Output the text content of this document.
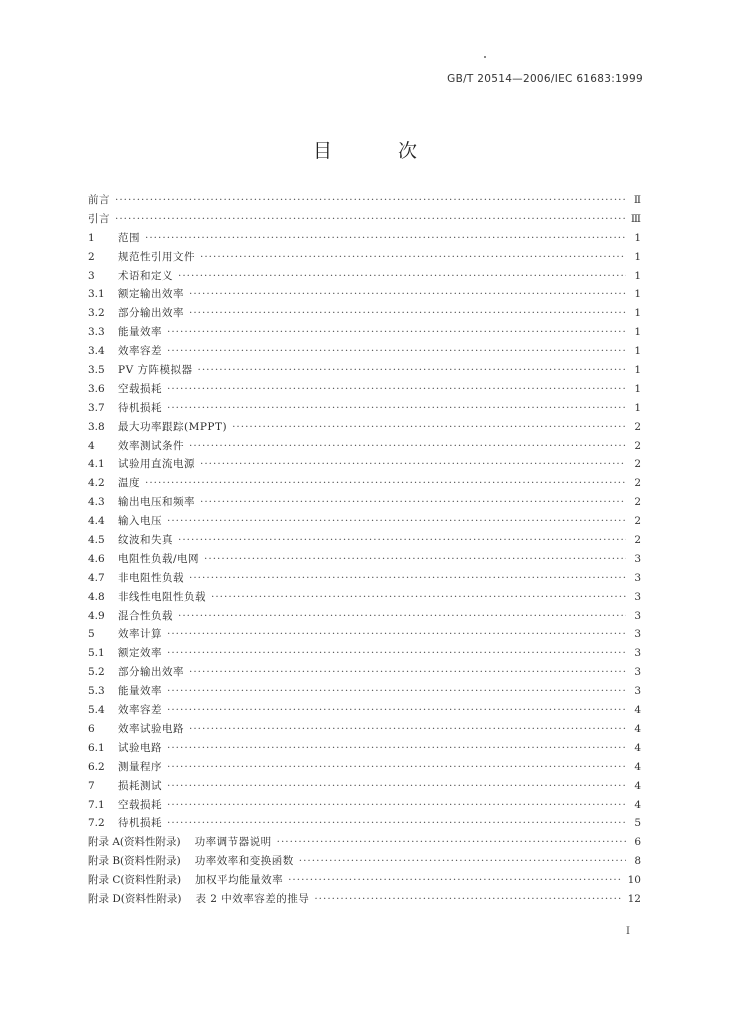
GB/T 20514—2006/IEC 61683:1999
目 次
前言 ·····	Ⅱ
引言 ·····	Ⅲ
1	范围 ·····	1
2	规范性引用文件 ·····	1
3	术语和定义 ·····	1
3.1	额定输出效率 ·····	1
3.2	部分输出效率 ·····	1
3.3	能量效率 ·····	1
3.4	效率容差 ·····	1
3.5	PV 方阵模拟器 ·····	1
3.6	空载损耗 ·····	1
3.7	待机损耗 ·····	1
3.8	最大功率跟踪(MPPT) ·····	2
4	效率测试条件 ·····	2
4.1	试验用直流电源 ·····	2
4.2	温度 ·····	2
4.3	输出电压和频率 ·····	2
4.4	输入电压 ·····	2
4.5	纹波和失真 ·····	2
4.6	电阻性负载/电网 ·····	3
4.7	非电阻性负载 ·····	3
4.8	非线性电阻性负载 ·····	3
4.9	混合性负载 ·····	3
5	效率计算 ·····	3
5.1	额定效率 ·····	3
5.2	部分输出效率 ·····	3
5.3	能量效率 ·····	3
5.4	效率容差 ·····	4
6	效率试验电路 ·····	4
6.1	试验电路 ·····	4
6.2	测量程序 ·····	4
7	损耗测试 ·····	4
7.1	空载损耗 ·····	4
7.2	待机损耗 ·····	5
附录 A(资料性附录) 功率调节器说明 ·····	6
附录 B(资料性附录) 功率效率和变换函数 ·····	8
附录 C(资料性附录) 加权平均能量效率 ·····	10
附录 D(资料性附录) 表 2 中效率容差的推导 ·····	12
Ⅰ
